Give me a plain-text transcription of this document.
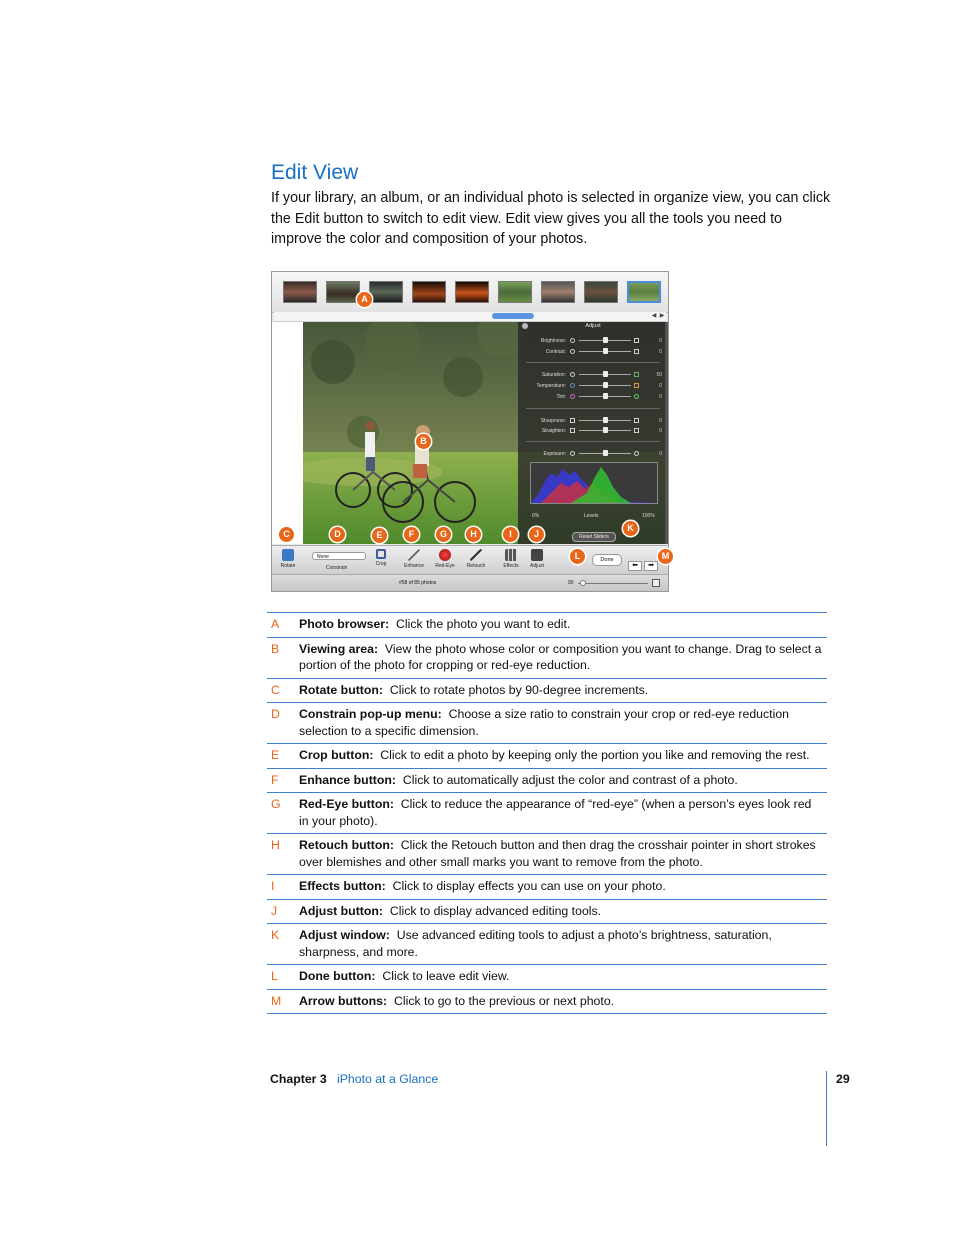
Edit View
If your library, an album, or an individual photo is selected in organize view, you can click the Edit button to switch to edit view. Edit view gives you all the tools you need to improve the color and composition of your photos.
◀ ▶
Adjust
Brightness:	0
Contrast:	0
Saturation:	50
Temperature:	0
Tint:	0
Sharpness:	0
Straighten:	0
Exposure:	0
0%	Levels	100%
Reset Sliders
Rotate	Constrain
None
Crop	Enhance	Red-Eye	Retouch	Effects	Adjust
Done
⬅ ➡
#58 of 85 photos	90
A
B
C	D	E	F	G	H	I	J
K
L	M
A Photo browser: Click the photo you want to edit.
B Viewing area: View the photo whose color or composition you want to change. Drag to select a portion of the photo for cropping or red-eye reduction.
C Rotate button: Click to rotate photos by 90-degree increments.
D Constrain pop-up menu: Choose a size ratio to constrain your crop or red-eye reduction selection to a specific dimension.
E Crop button: Click to edit a photo by keeping only the portion you like and removing the rest.
F Enhance button: Click to automatically adjust the color and contrast of a photo.
G Red-Eye button: Click to reduce the appearance of “red-eye” (when a person’s eyes look red in your photo).
H Retouch button: Click the Retouch button and then drag the crosshair pointer in short strokes over blemishes and other small marks you want to remove from the photo.
I Effects button: Click to display effects you can use on your photo.
J Adjust button: Click to display advanced editing tools.
K Adjust window: Use advanced editing tools to adjust a photo’s brightness, saturation, sharpness, and more.
L Done button: Click to leave edit view.
M Arrow buttons: Click to go to the previous or next photo.
Chapter 3 iPhoto at a Glance	29
